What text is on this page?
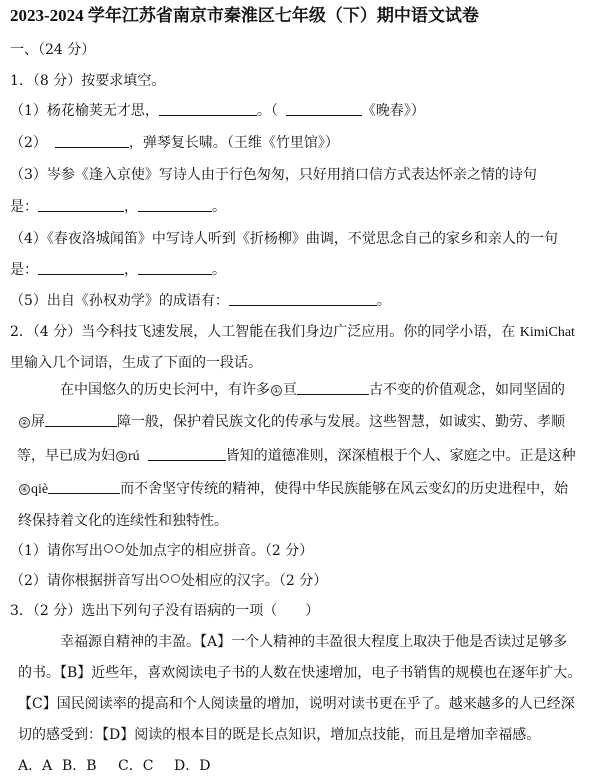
2023-2024 学年江苏省南京市秦淮区七年级（下）期中语文试卷
一、（24 分）
1．（8 分）按要求填空。
（1）杨花榆荚无才思，	。（	《晚春》）
（2）	，弹琴复长啸。（王维《竹里馆》）
（3）岑参《逢入京使》写诗人由于行色匆匆，只好用捎口信方式表达怀亲之情的诗句
是：	，	。
（4）《春夜洛城闻笛》中写诗人听到《折杨柳》曲调，不觉思念自己的家乡和亲人的一句
是：	，	。
（5）出自《孙权劝学》的成语有：	。
2．（4 分）当今科技飞速发展，人工智能在我们身边广泛应用。你的同学小语，在 KimiChat
里输入几个词语，生成了下面的一段话。
在中国悠久的历史长河中，有许多 ① 亘	古不变的价值观念，如同坚固的
② 屏	障一般，保护着民族文化的传承与发展。这些智慧，如诚实、勤劳、孝顺
等，早已成为妇 ③ rú	皆知的道德准则，深深植根于个人、家庭之中。正是这种
④ qiè	而不舍坚守传统的精神，使得中华民族能够在风云变幻的历史进程中，始
终保持着文化的连续性和独特性。
（1）请你写出 处加点字的相应拼音。（2 分）
（2）请你根据拼音写出 处相应的汉字。（2 分）
3．（2 分）选出下列句子没有语病的一项（　　）
幸福源自精神的丰盈。【A】一个人精神的丰盈很大程度上取决于他是否读过足够多
的书。【B】近些年，喜欢阅读电子书的人数在快速增加，电子书销售的规模也在逐年扩大。
【C】国民阅读率的提高和个人阅读量的增加，说明对读书更在乎了。越来越多的人已经深
切的感受到：【D】阅读的根本目的既是长点知识，增加点技能，而且是增加幸福感。
A．A B．B C．C D．D
